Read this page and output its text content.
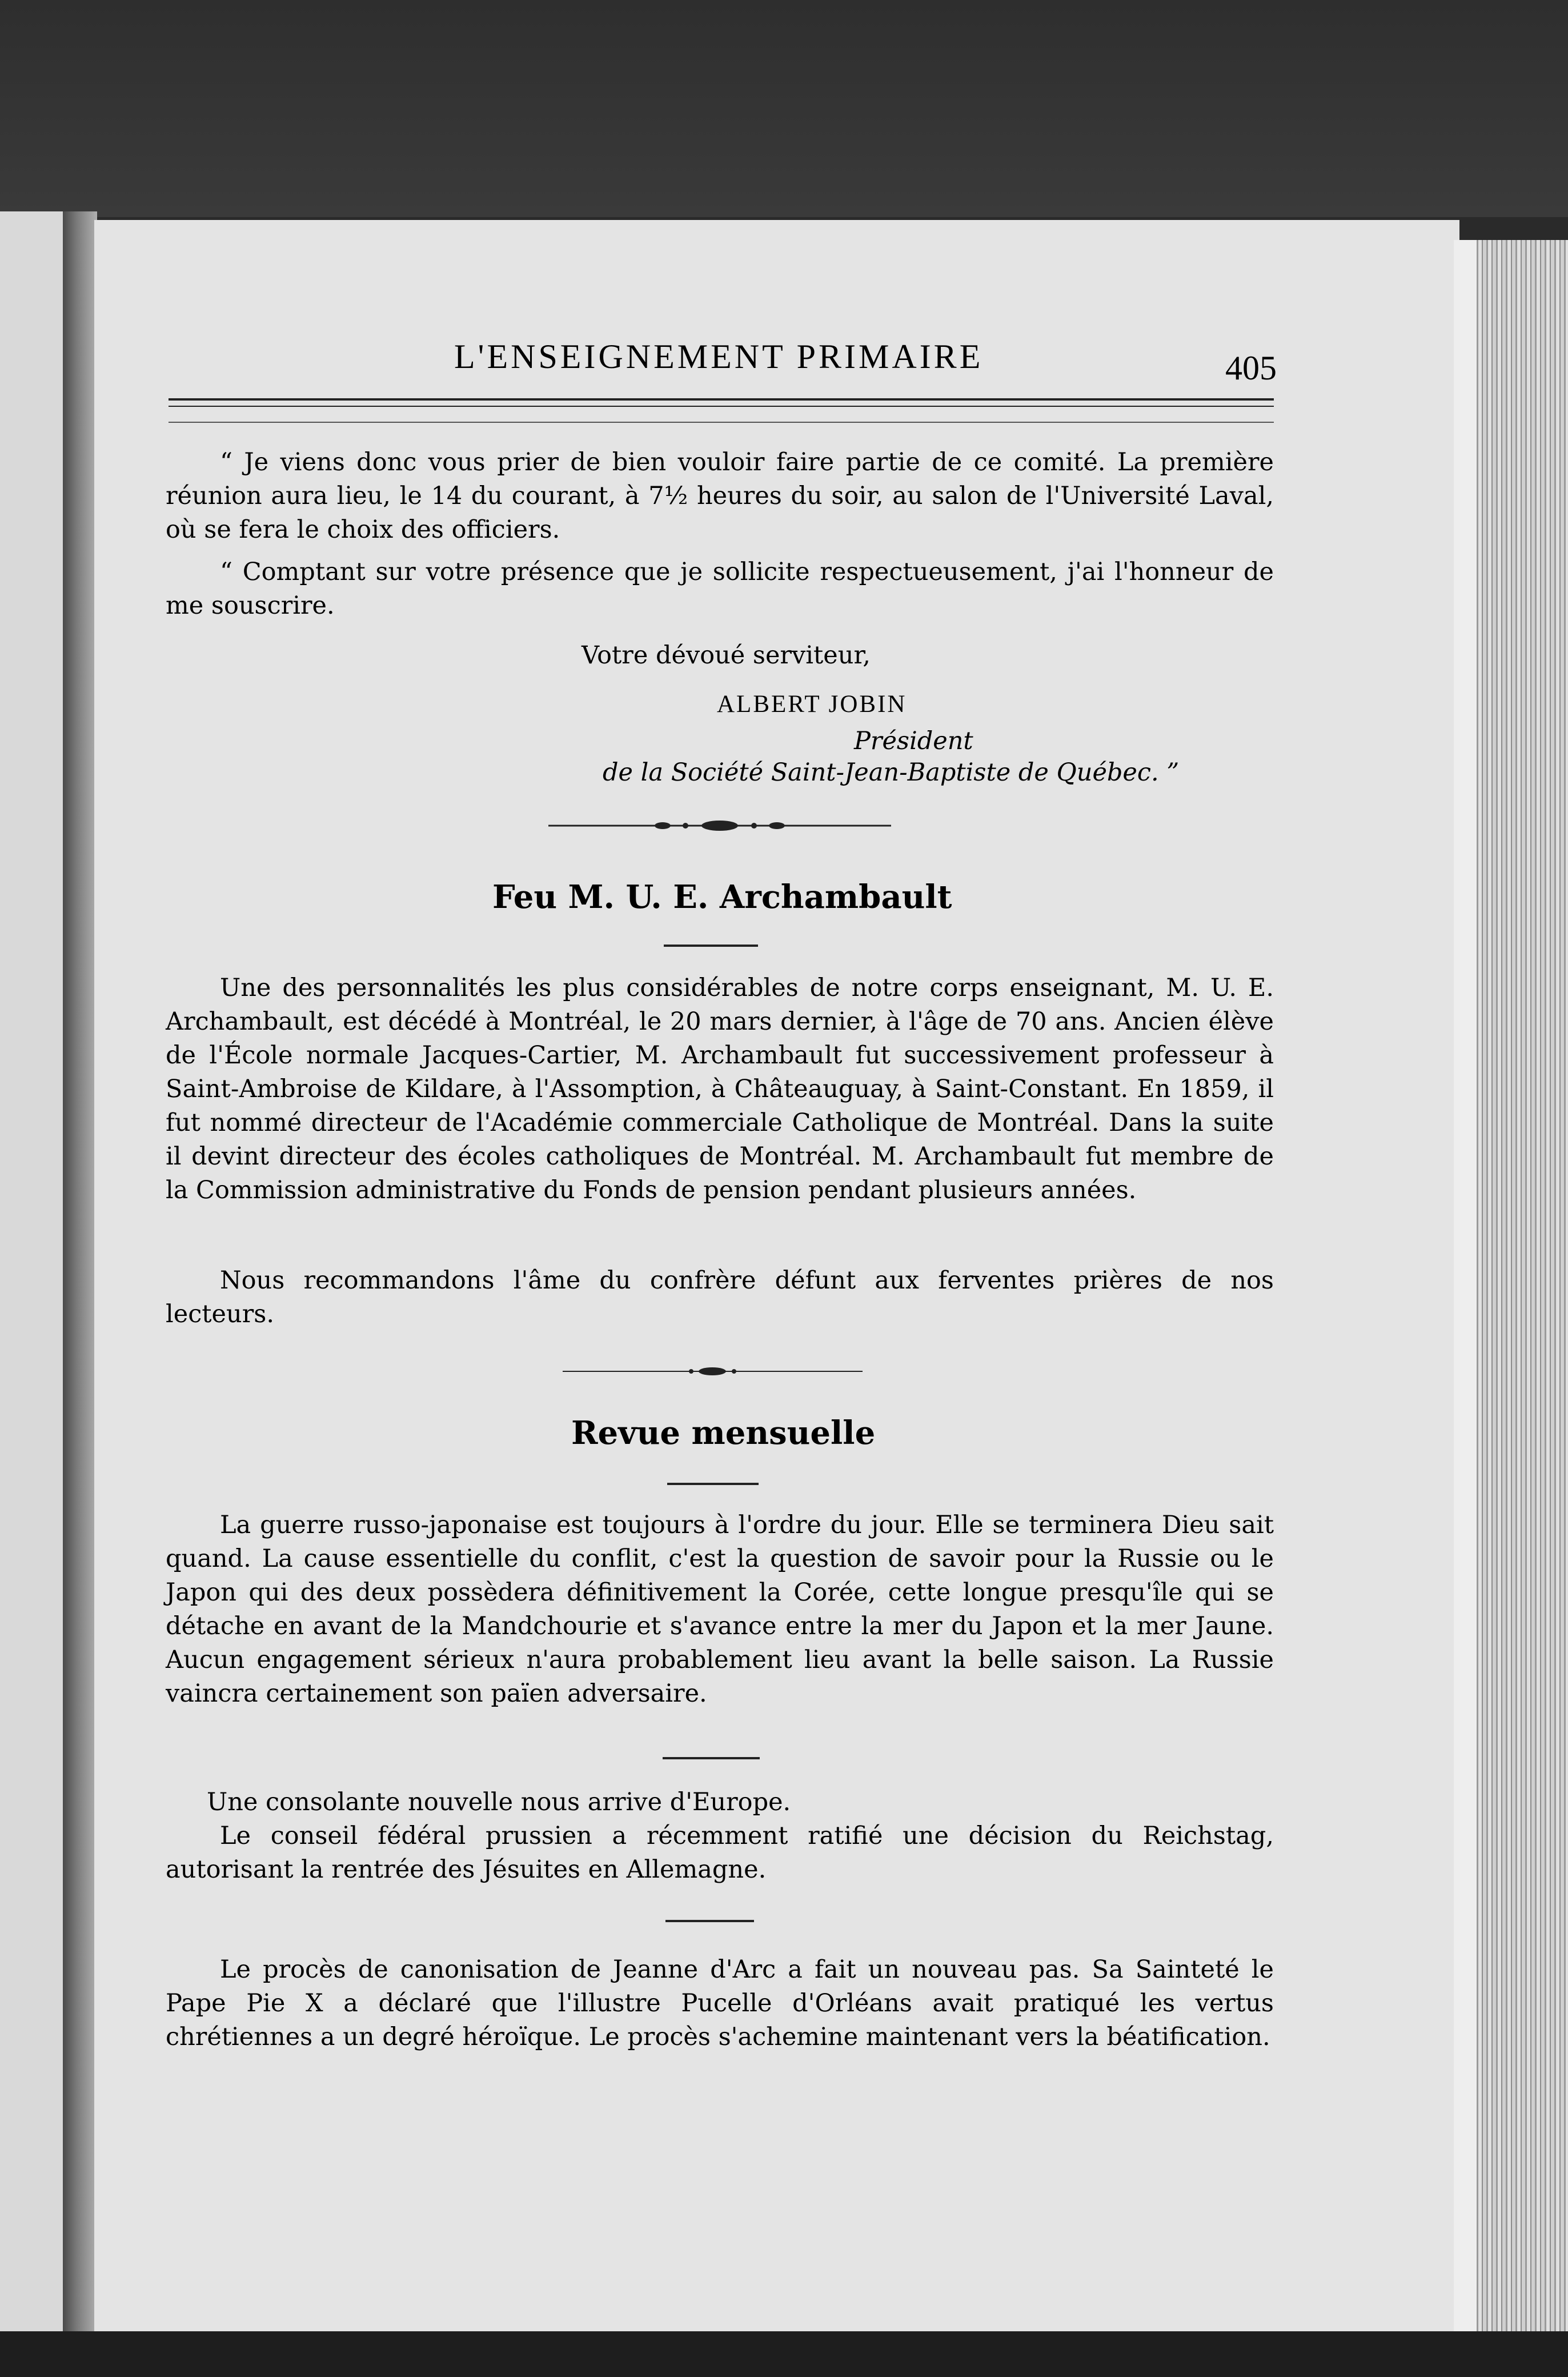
L'ENSEIGNEMENT PRIMAIRE	405

“ Je viens donc vous prier de bien vouloir faire partie de ce comité. La première réunion aura lieu, le 14 du courant, à 7½ heures du soir, au salon de l'Université Laval, où se fera le choix des officiers.

“ Comptant sur votre présence que je sollicite respectueusement, j'ai l'honneur de me souscrire.

Votre dévoué serviteur,
ALBERT JOBIN
Président
de la Société Saint-Jean-Baptiste de Québec. ”
Feu M. U. E. Archambault

Une des personnalités les plus considérables de notre corps enseignant, M. U. E. Archambault, est décédé à Montréal, le 20 mars dernier, à l'âge de 70 ans. Ancien élève de l'École normale Jacques-Cartier, M. Archambault fut successivement professeur à Saint-Ambroise de Kildare, à l'Assomption, à Châteauguay, à Saint-Constant. En 1859, il fut nommé directeur de l'Académie commerciale Catholique de Montréal. Dans la suite il devint directeur des écoles catholiques de Montréal. M. Archambault fut membre de la Commission administrative du Fonds de pension pendant plusieurs années.

Nous recommandons l'âme du confrère défunt aux ferventes prières de nos lecteurs.

Revue mensuelle

La guerre russo-japonaise est toujours à l'ordre du jour. Elle se terminera Dieu sait quand. La cause essentielle du conflit, c'est la question de savoir pour la Russie ou le Japon qui des deux possèdera définitivement la Corée, cette longue presqu'île qui se détache en avant de la Mandchourie et s'avance entre la mer du Japon et la mer Jaune. Aucun engagement sérieux n'aura probablement lieu avant la belle saison. La Russie vaincra certainement son païen adversaire.

Une consolante nouvelle nous arrive d'Europe.

Le conseil fédéral prussien a récemment ratifié une décision du Reichstag, autorisant la rentrée des Jésuites en Allemagne.

Le procès de canonisation de Jeanne d'Arc a fait un nouveau pas. Sa Sainteté le Pape Pie X a déclaré que l'illustre Pucelle d'Orléans avait pratiqué les vertus chrétiennes a un degré héroïque. Le procès s'achemine maintenant vers la béatification.
